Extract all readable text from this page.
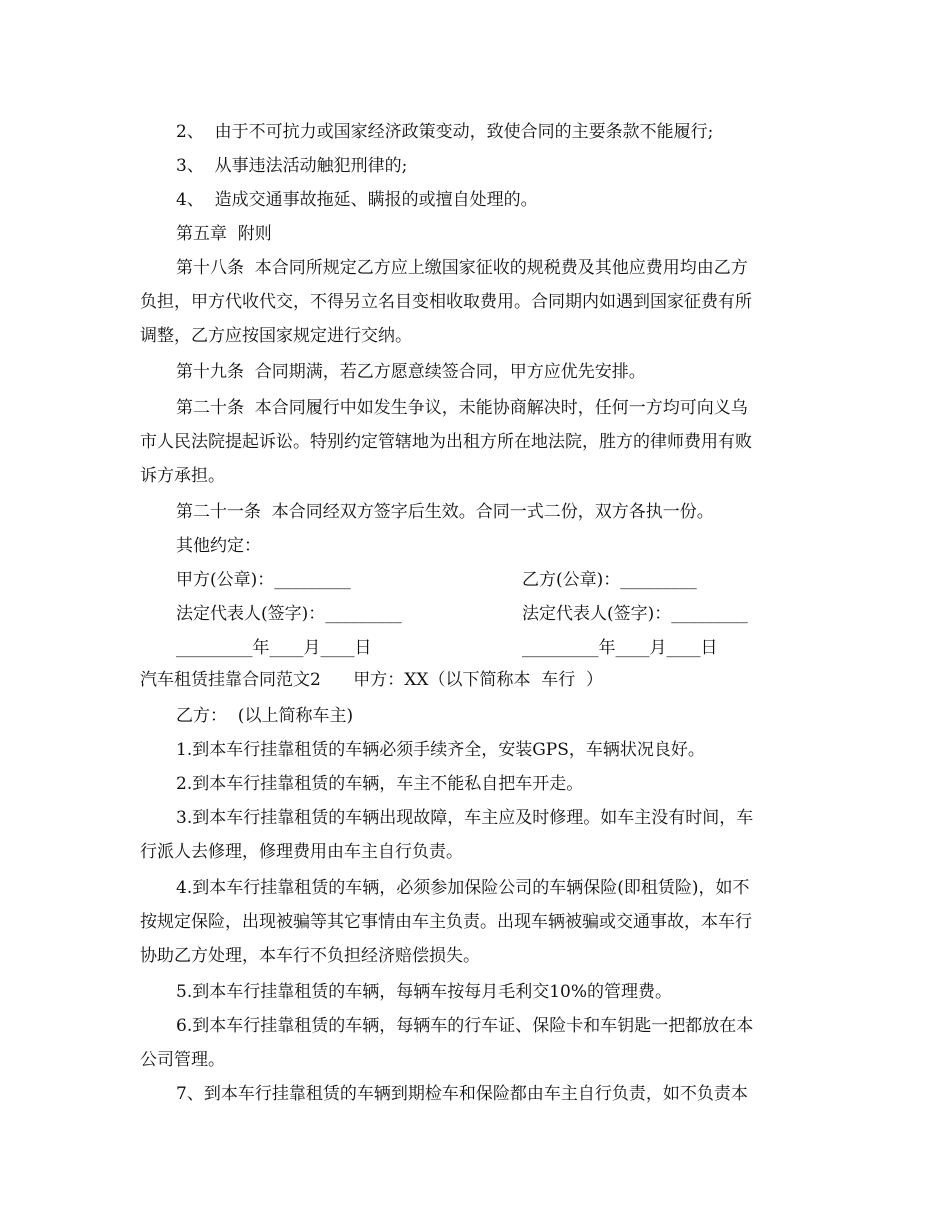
2、  由于不可抗力或国家经济政策变动，致使合同的主要条款不能履行;
3、  从事违法活动触犯刑律的;
4、  造成交通事故拖延、瞒报的或擅自处理的。
第五章  附则
第十八条  本合同所规定乙方应上缴国家征收的规税费及其他应费用均由乙方
负担，甲方代收代交，不得另立名目变相收取费用。合同期内如遇到国家征费有所
调整，乙方应按国家规定进行交纳。
第十九条  合同期满，若乙方愿意续签合同，甲方应优先安排。
第二十条  本合同履行中如发生争议，未能协商解决时，任何一方均可向义乌
市人民法院提起诉讼。特别约定管辖地为出租方所在地法院，胜方的律师费用有败
诉方承担。
第二十一条  本合同经双方签字后生效。合同一式二份，双方各执一份。
其他约定：
甲方(公章)：_________	乙方(公章)：_________
法定代表人(签字)：_________	法定代表人(签字)：_________
_________年____月____日	_________年____月____日
汽车租赁挂靠合同范文2      甲方：XX（以下简称本  车行  ）
乙方：  (以上简称车主)
1.到本车行挂靠租赁的车辆必须手续齐全，安装GPS，车辆状况良好。
2.到本车行挂靠租赁的车辆，车主不能私自把车开走。
3.到本车行挂靠租赁的车辆出现故障，车主应及时修理。如车主没有时间，车
行派人去修理，修理费用由车主自行负责。
4.到本车行挂靠租赁的车辆，必须参加保险公司的车辆保险(即租赁险)，如不
按规定保险，出现被骗等其它事情由车主负责。出现车辆被骗或交通事故，本车行
协助乙方处理，本车行不负担经济赔偿损失。
5.到本车行挂靠租赁的车辆，每辆车按每月毛利交10%的管理费。
6.到本车行挂靠租赁的车辆，每辆车的行车证、保险卡和车钥匙一把都放在本
公司管理。
7、到本车行挂靠租赁的车辆到期检车和保险都由车主自行负责，如不负责本
